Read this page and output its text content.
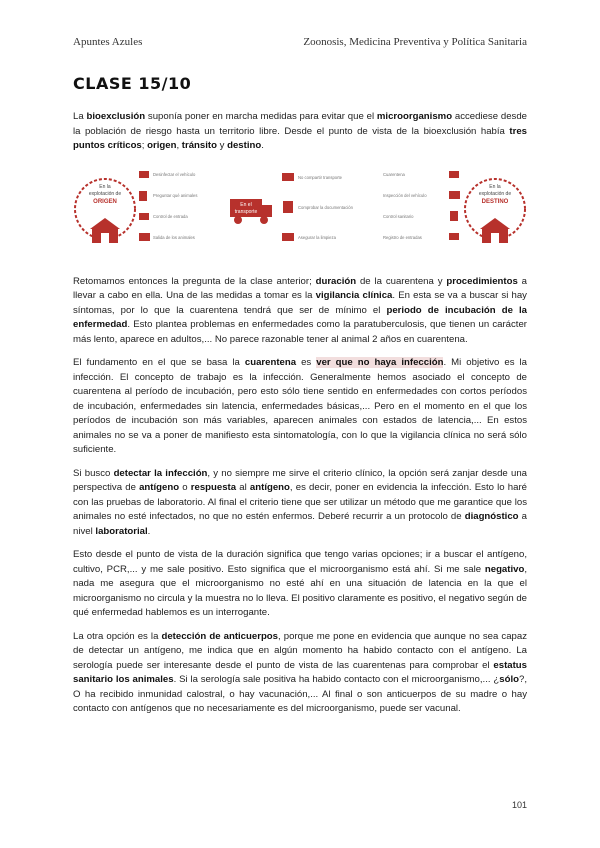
Apuntes Azules	Zoonosis, Medicina Preventiva y Política Sanitaria
CLASE 15/10

La bioexclusión suponía poner en marcha medidas para evitar que el microorganismo accediese desde la población de riesgo hasta un territorio libre. Desde el punto de vista de la bioexclusión había tres puntos críticos; origen, tránsito y destino.

En la
explotación de
ORIGEN
Desinfectar el vehículo
Preguntar qué animales
Control de entrada
Salida de los animales
En el
transporte
No compartir transporte
Comprobar la documentación
Asegurar la limpieza
En la
explotación de
DESTINO
Cuarentena
Inspección del vehículo
Control sanitario
Registro de entradas

Retomamos entonces la pregunta de la clase anterior; duración de la cuarentena y procedimientos a llevar a cabo en ella. Una de las medidas a tomar es la vigilancia clínica. En esta se va a buscar si hay síntomas, por lo que la cuarentena tendrá que ser de mínimo el periodo de incubación de la enfermedad. Esto plantea problemas en enfermedades como la paratuberculosis, que tienen un carácter más lento, aparece en adultos,... No parece razonable tener al animal 2 años en cuarentena.

El fundamento en el que se basa la cuarentena es ver que no haya infección. Mi objetivo es la infección. El concepto de trabajo es la infección. Generalmente hemos asociado el concepto de cuarentena al período de incubación, pero esto sólo tiene sentido en enfermedades con cortos períodos de incubación, enfermedades sin latencia, enfermedades básicas,... Pero en el momento en el que los períodos de incubación son más variables, aparecen animales con estados de latencia,... En estos animales no se va a poner de manifiesto esta sintomatología, con lo que la vigilancia clínica no será sólo suficiente.

Si busco detectar la infección, y no siempre me sirve el criterio clínico, la opción será zanjar desde una perspectiva de antígeno o respuesta al antígeno, es decir, poner en evidencia la infección. Esto lo haré con las pruebas de laboratorio. Al final el criterio tiene que ser utilizar un método que me garantice que los animales no esté infectados, no que no estén enfermos. Deberé recurrir a un protocolo de diagnóstico a nivel laboratorial.

Esto desde el punto de vista de la duración significa que tengo varias opciones; ir a buscar el antígeno, cultivo, PCR,... y me sale positivo. Esto significa que el microorganismo está ahí. Si me sale negativo, nada me asegura que el microorganismo no esté ahí en una situación de latencia en la que el microorganismo no circula y la muestra no lo lleva. El positivo claramente es positivo, el negativo según de qué enfermedad hablemos es un interrogante.

La otra opción es la detección de anticuerpos, porque me pone en evidencia que aunque no sea capaz de detectar un antígeno, me indica que en algún momento ha habido contacto con el antígeno. La serología puede ser interesante desde el punto de vista de las cuarentenas para comprobar el estatus sanitario los animales. Si la serología sale positiva ha habido contacto con el microorganismo,... ¿sólo?, O ha recibido inmunidad calostral, o hay vacunación,... Al final o son anticuerpos de su madre o hay contacto con antígenos que no necesariamente es del microorganismo, puede ser vacunal.

101
